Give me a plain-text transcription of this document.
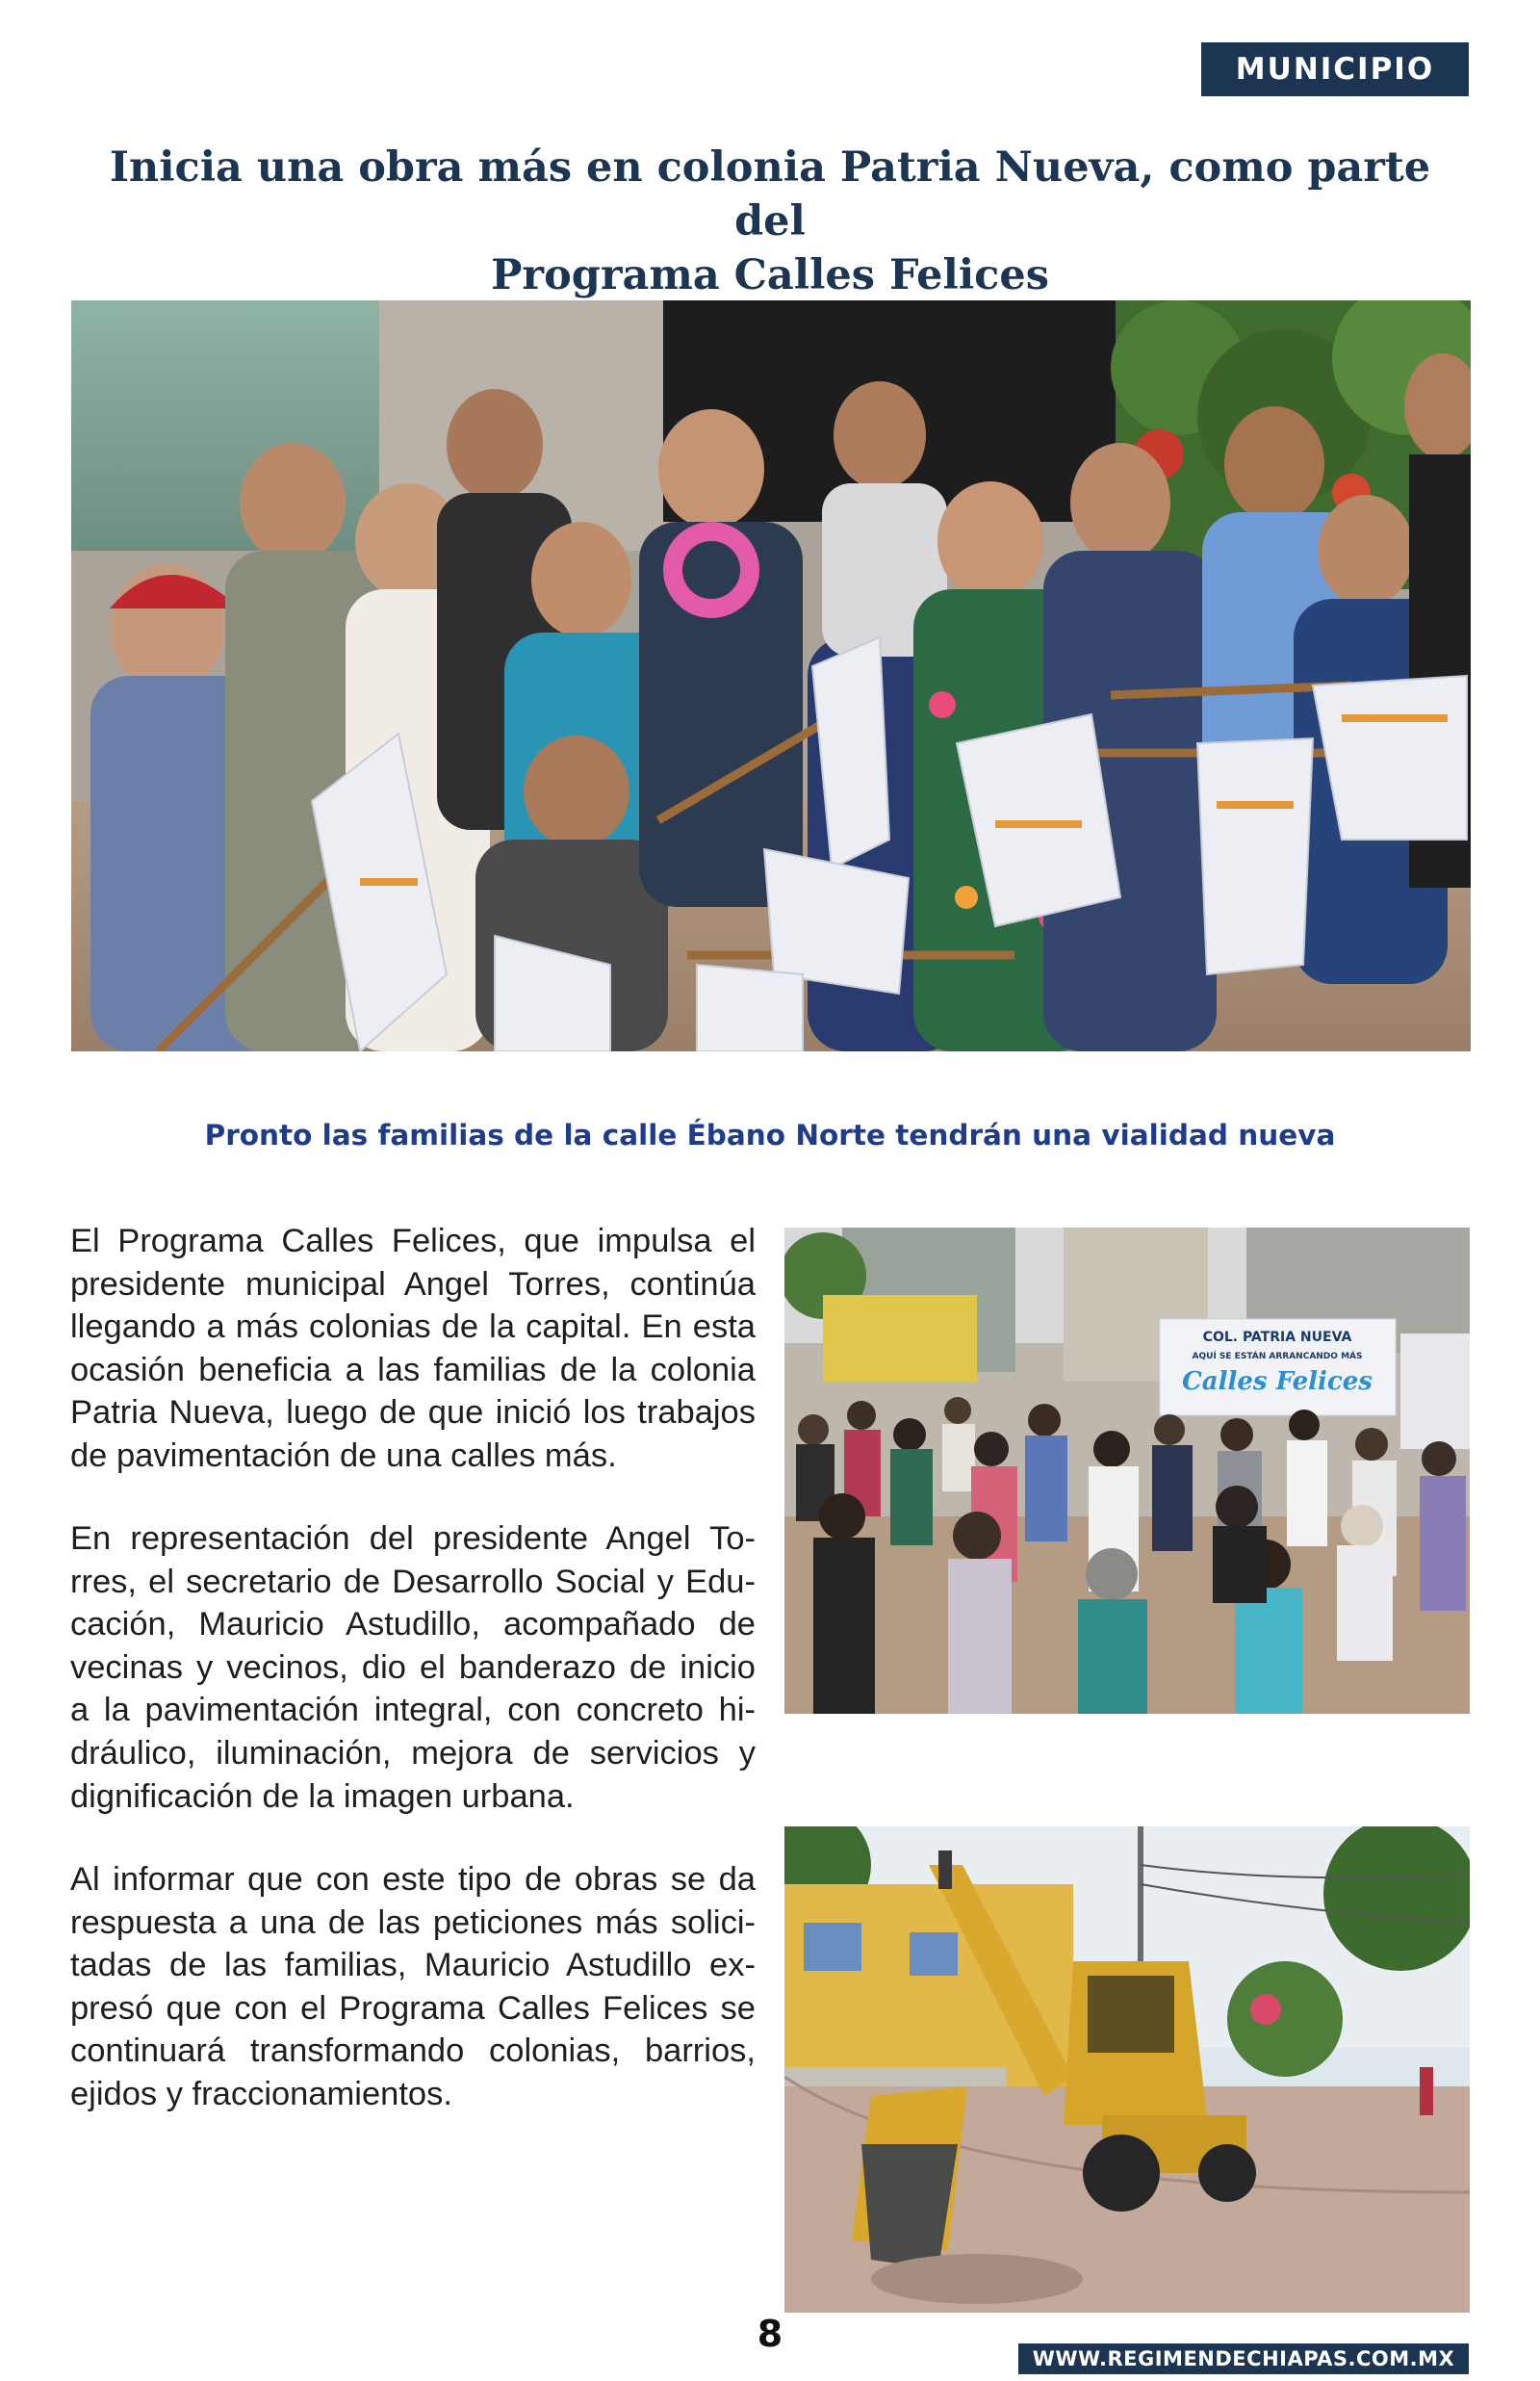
MUNICIPIO
Inicia una obra más en colonia Patria Nueva, como parte del
Programa Calles Felices

Pronto las familias de la calle Ébano Norte tendrán una vialidad nueva

El Programa Calles Felices, que impulsa el
presidente municipal Angel Torres, continúa
llegando a más colonias de la capital. En esta
ocasión beneficia a las familias de la colonia
Patria Nueva, luego de que inició los trabajos
de pavimentación de una calles más.
En representación del presidente Angel To-
rres, el secretario de Desarrollo Social y Edu-
cación, Mauricio Astudillo, acompañado de
vecinas y vecinos, dio el banderazo de inicio
a la pavimentación integral, con concreto hi-
dráulico, iluminación, mejora de servicios y
dignificación de la imagen urbana.
Al informar que con este tipo de obras se da
respuesta a una de las peticiones más solici-
tadas de las familias, Mauricio Astudillo ex-
presó que con el Programa Calles Felices se
continuará transformando colonias, barrios,
ejidos y fraccionamientos.
COL. PATRIA NUEVA
AQUÍ SE ESTÁN ARRANCANDO MÁS
Calles Felices
8
WWW.REGIMENDECHIAPAS.COM.MX
